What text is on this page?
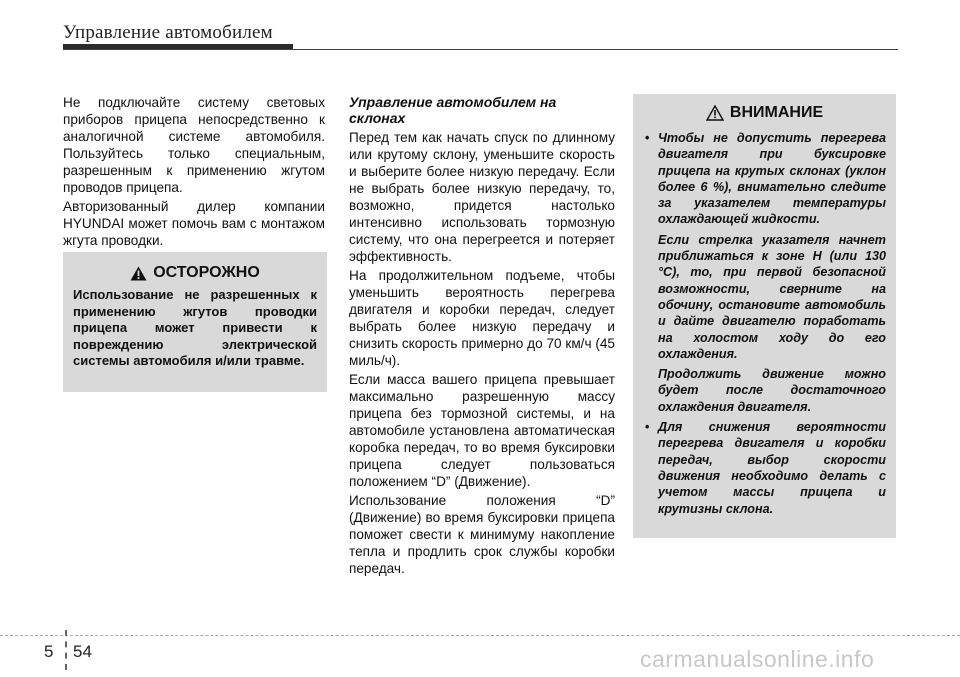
Управление автомобилем

Не подключайте систему световых приборов прицепа непосредственно к аналогичной системе автомобиля. Пользуйтесь только специальным, разрешенным к применению жгутом проводов прицепа.

Авторизованный дилер компании HYUNDAI может помочь вам с монтажом жгута проводки.

ОСТОРОЖНО
Использование не разрешенных к применению жгутов проводки прицепа может привести к повреждению электрической системы автомобиля и/или травме.
Управление автомобилем на склонах

Перед тем как начать спуск по длинному или крутому склону, уменьшите скорость и выберите более низкую передачу. Если не выбрать более низкую передачу, то, возможно, придется настолько интенсивно использовать тормозную систему, что она перегреется и потеряет эффективность.

На продолжительном подъеме, чтобы уменьшить вероятность перегрева двигателя и коробки передач, следует выбрать более низкую передачу и снизить скорость примерно до 70 км/ч (45 миль/ч).

Если масса вашего прицепа превышает максимально разрешенную массу прицепа без тормозной системы, и на автомобиле установлена автоматическая коробка передач, то во время буксировки прицепа следует пользоваться положением “D” (Движение).

Использование положения “D” (Движение) во время буксировки прицепа поможет свести к минимуму накопление тепла и продлить срок службы коробки передач.

ВНИМАНИЕ
• Чтобы не допустить перегрева двигателя при буксировке прицепа на крутых склонах (уклон более 6 %), внимательно следите за указателем температуры охлаждающей жидкости.

Если стрелка указателя начнет приближаться к зоне H (или 130 °C), то, при первой безопасной возможности, сверните на обочину, остановите автомобиль и дайте двигателю поработать на холостом ходу до его охлаждения.

Продолжить движение можно будет после достаточного охлаждения двигателя.

• Для снижения вероятности перегрева двигателя и коробки передач, выбор скорости движения необходимо делать с учетом массы прицепа и крутизны склона.

5 54	carmanualsonline.info
